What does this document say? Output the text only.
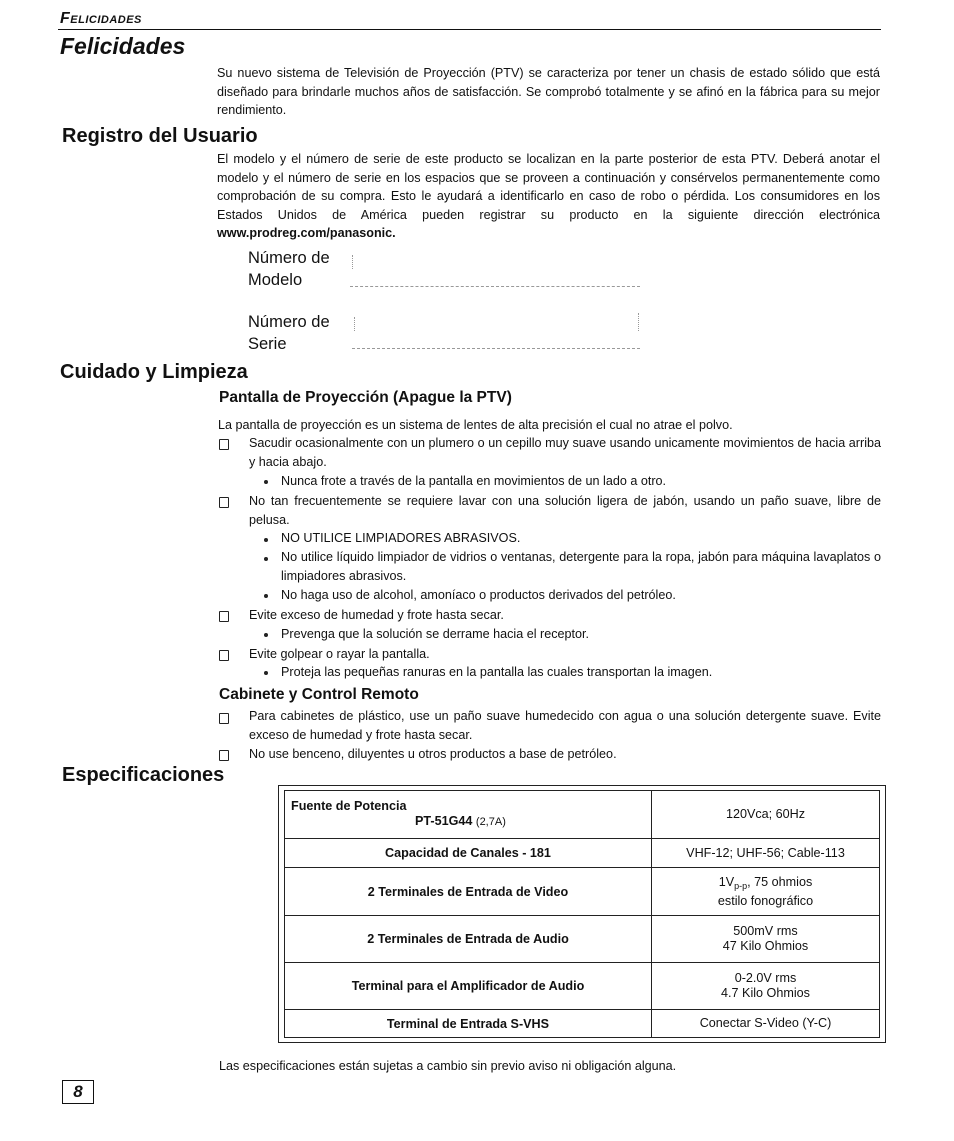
Felicidades
Felicidades
Su nuevo sistema de Televisión de Proyección (PTV) se caracteriza por tener un chasis de estado sólido que está diseñado para brindarle muchos años de satisfacción. Se comprobó totalmente y se afinó en la fábrica para su mejor rendimiento.
Registro del Usuario
El modelo y el número de serie de este producto se localizan en la parte posterior de esta PTV. Deberá anotar el modelo y el número de serie en los espacios que se proveen a continuación y consérvelos permanentemente como comprobación de su compra. Esto le ayudará a identificarlo en caso de robo o pérdida. Los consumidores en los Estados Unidos de América pueden registrar su producto en la siguiente dirección electrónica www.prodreg.com/panasonic.
Número de
Modelo
Número de
Serie
Cuidado y Limpieza
Pantalla de Proyección (Apague la PTV)
La pantalla de proyección es un sistema de lentes de alta precisión el cual no atrae el polvo.
Sacudir ocasionalmente con un plumero o un cepillo muy suave usando unicamente movimientos de hacia arriba y hacia abajo.
Nunca frote a través de la pantalla en movimientos de un lado a otro.
No tan frecuentemente se requiere lavar con una solución ligera de jabón, usando un paño suave, libre de pelusa.
NO UTILICE LIMPIADORES ABRASIVOS.
No utilice líquido limpiador de vidrios o ventanas, detergente para la ropa, jabón para máquina lavaplatos o limpiadores abrasivos.
No haga uso de alcohol, amoníaco o productos derivados del petróleo.
Evite exceso de humedad y frote hasta secar.
Prevenga que la solución se derrame hacia el receptor.
Evite golpear o rayar la pantalla.
Proteja las pequeñas ranuras en la pantalla las cuales transportan la imagen.
Cabinete y Control Remoto
Para cabinetes de plástico, use un paño suave humedecido con agua o una solución detergente suave. Evite exceso de humedad y frote hasta secar.
No use benceno, diluyentes u otros productos a base de petróleo.
Especificaciones
Fuente de Potencia
PT-51G44 (2,7A)	120Vca; 60Hz
Capacidad de Canales - 181	VHF-12; UHF-56; Cable-113
2 Terminales de Entrada de Video	$1V_{p-p}$, 75 ohmios
estilo fonográfico

2 Terminales de Entrada de Audio	500mV rms
47 Kilo Ohmios

Terminal para el Amplificador de Audio	0-2.0V rms
4.7 Kilo Ohmios

Terminal de Entrada S-VHS	Conectar S-Video (Y-C)
Las especificaciones están sujetas a cambio sin previo aviso ni obligación alguna.
8
